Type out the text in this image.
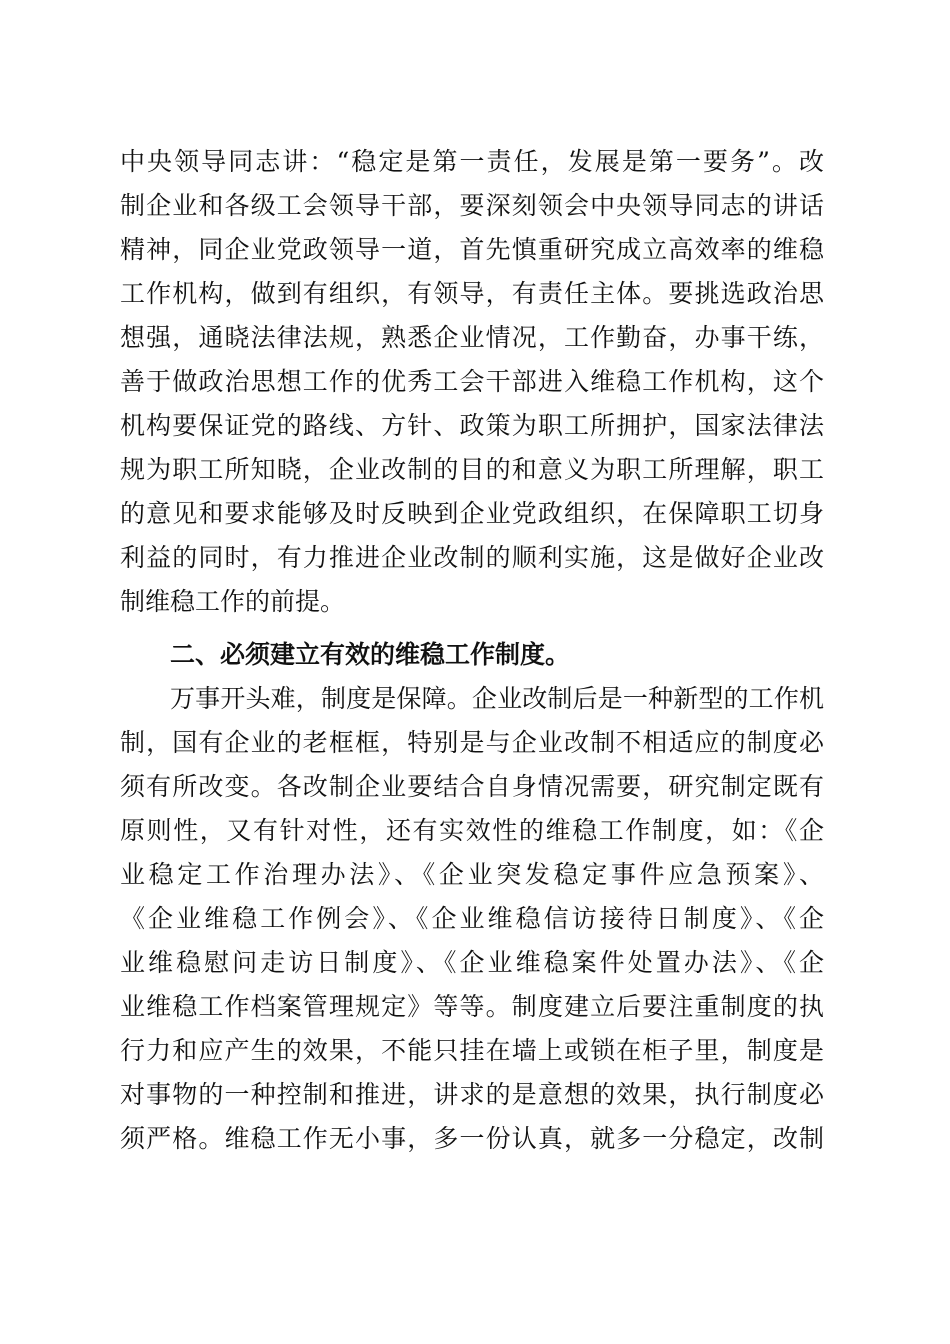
中央领导同志讲：“稳定是第一责任，发展是第一要务”。改
制企业和各级工会领导干部，要深刻领会中央领导同志的讲话
精神，同企业党政领导一道，首先慎重研究成立高效率的维稳
工作机构，做到有组织，有领导，有责任主体。要挑选政治思
想强，通晓法律法规，熟悉企业情况，工作勤奋，办事干练，
善于做政治思想工作的优秀工会干部进入维稳工作机构，这个
机构要保证党的路线、方针、政策为职工所拥护，国家法律法
规为职工所知晓，企业改制的目的和意义为职工所理解，职工
的意见和要求能够及时反映到企业党政组织，在保障职工切身
利益的同时，有力推进企业改制的顺利实施，这是做好企业改
制维稳工作的前提。
二、必须建立有效的维稳工作制度。
万事开头难，制度是保障。企业改制后是一种新型的工作机
制，国有企业的老框框，特别是与企业改制不相适应的制度必
须有所改变。各改制企业要结合自身情况需要，研究制定既有
原则性，又有针对性，还有实效性的维稳工作制度，如：《企
业稳定工作治理办法》、《企业突发稳定事件应急预案》、
《企业维稳工作例会》、《企业维稳信访接待日制度》、《企
业维稳慰问走访日制度》、《企业维稳案件处置办法》、《企
业维稳工作档案管理规定》等等。制度建立后要注重制度的执
行力和应产生的效果，不能只挂在墙上或锁在柜子里，制度是
对事物的一种控制和推进，讲求的是意想的效果，执行制度必
须严格。维稳工作无小事，多一份认真，就多一分稳定，改制
